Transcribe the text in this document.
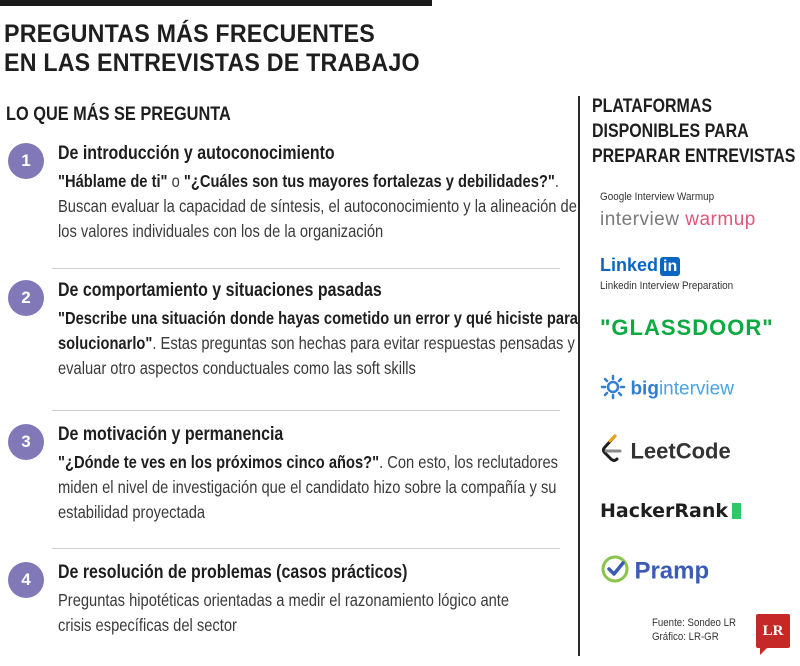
PREGUNTAS MÁS FRECUENTES
EN LAS ENTREVISTAS DE TRABAJO
LO QUE MÁS SE PREGUNTA
1	De introducción y autoconocimiento
"Háblame de ti" o "¿Cuáles son tus mayores fortalezas y debilidades?". Buscan evaluar la capacidad de síntesis, el autoconocimiento y la alineación de los valores individuales con los de la organización
2	De comportamiento y situaciones pasadas
"Describe una situación donde hayas cometido un error y qué hiciste para solucionarlo". Estas preguntas son hechas para evitar respuestas pensadas y evaluar otro aspectos conductuales como las soft skills
3	De motivación y permanencia
"¿Dónde te ves en los próximos cinco años?". Con esto, los reclutadores miden el nivel de investigación que el candidato hizo sobre la compañía y su estabilidad proyectada
4	De resolución de problemas (casos prácticos)
Preguntas hipotéticas orientadas a medir el razonamiento lógico ante crisis específicas del sector
PLATAFORMAS
DISPONIBLES PARA
PREPARAR ENTREVISTAS
Google Interview Warmup
interview warmup
Linked in
Linkedin Interview Preparation
"GLASSDOOR"
biginterview
LeetCode
HackerRank
Pramp
Fuente: Sondeo LR
Gráfico: LR-GR	LR
